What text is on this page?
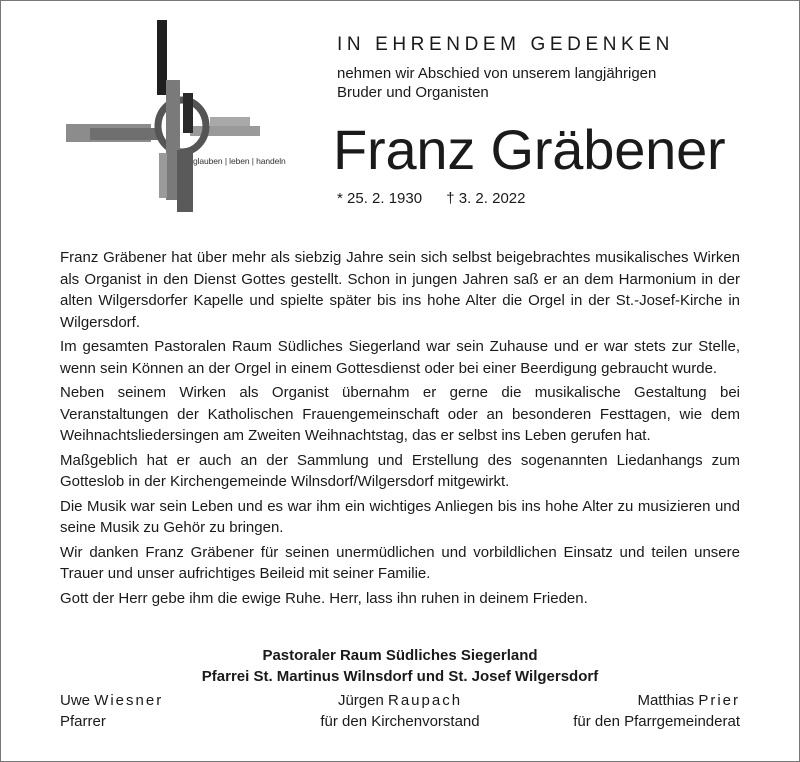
glauben | leben | handeln
IN EHRENDEM GEDENKEN
nehmen wir Abschied von unserem langjährigen
Bruder und Organisten
Franz Gräbener
* 25. 2. 1930 † 3. 2. 2022

Franz Gräbener hat über mehr als siebzig Jahre sein sich selbst beigebrachtes musikalisches Wirken als Organist in den Dienst Gottes gestellt. Schon in jungen Jahren saß er an dem Harmonium in der alten Wilgersdorfer Kapelle und spielte später bis ins hohe Alter die Orgel in der St.-Josef-Kirche in Wilgersdorf.

Im gesamten Pastoralen Raum Südliches Siegerland war sein Zuhause und er war stets zur Stelle, wenn sein Können an der Orgel in einem Gottesdienst oder bei einer Beerdigung gebraucht wurde.

Neben seinem Wirken als Organist übernahm er gerne die musikalische Gestaltung bei Veranstaltungen der Katholischen Frauengemeinschaft oder an besonderen Festtagen, wie dem Weihnachtsliedersingen am Zweiten Weihnachtstag, das er selbst ins Leben gerufen hat.

Maßgeblich hat er auch an der Sammlung und Erstellung des sogenannten Liedanhangs zum Gotteslob in der Kirchengemeinde Wilnsdorf/Wilgersdorf mitgewirkt.

Die Musik war sein Leben und es war ihm ein wichtiges Anliegen bis ins hohe Alter zu musizieren und seine Musik zu Gehör zu bringen.

Wir danken Franz Gräbener für seinen unermüdlichen und vorbildlichen Einsatz und teilen unsere Trauer und unser aufrichtiges Beileid mit seiner Familie.

Gott der Herr gebe ihm die ewige Ruhe. Herr, lass ihn ruhen in deinem Frieden.

Pastoraler Raum Südliches Siegerland
Pfarrei St. Martinus Wilnsdorf und St. Josef Wilgersdorf
Uwe Wiesner
Pfarrer
Jürgen Raupach
für den Kirchenvorstand
Matthias Prier
für den Pfarrgemeinderat
